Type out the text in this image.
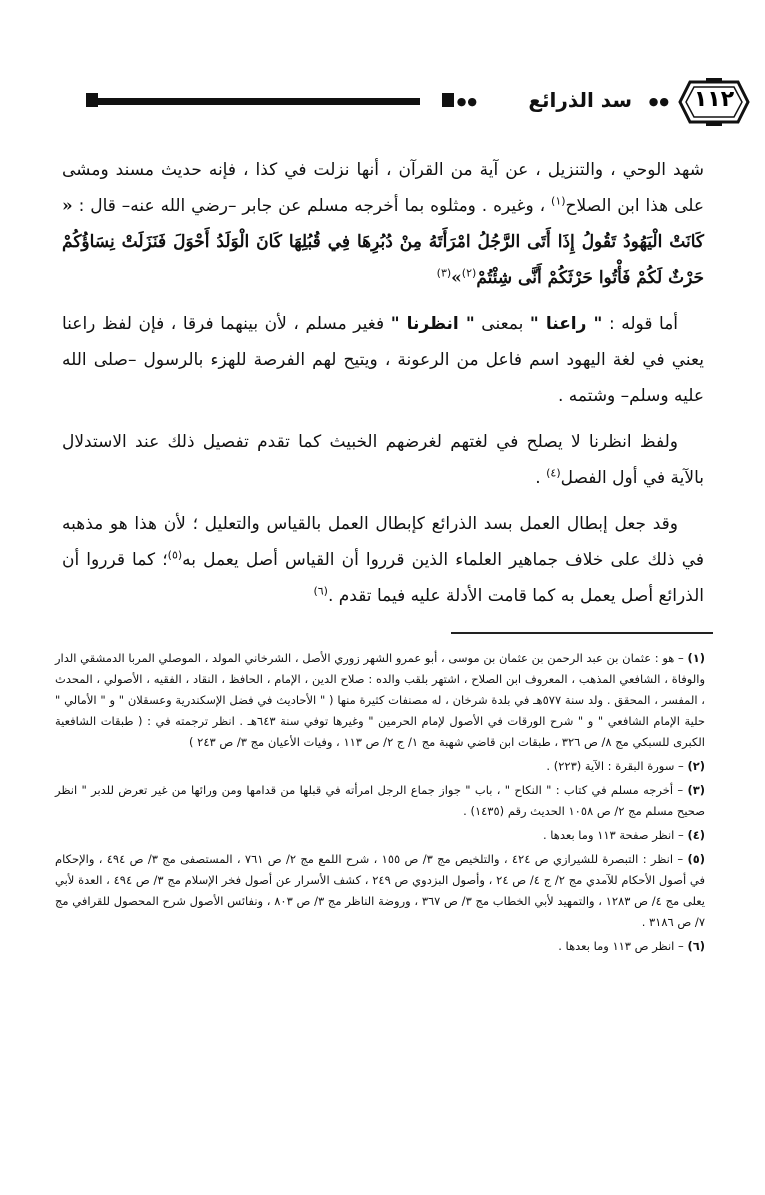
١١٢
●●
سد الذرائع
●●

شهد الوحي ، والتنزيل ، عن آية من القرآن ، أنها نزلت في كذا ، فإنه حديث مسند ومشى على هذا ابن الصلاح$^{(١)}$ ، وغيره . ومثلوه بما أخرجه مسلم عن جابر –رضي الله عنه– قال : « كَانَتْ الْيَهُودُ تَقُولُ إِذَا أَتَى الرَّجُلُ امْرَأَتَهُ مِنْ دُبُرِهَا فِي قُبُلِهَا كَانَ الْوَلَدُ أَحْوَلَ فَنَزَلَتْ نِسَاؤُكُمْ حَرْثٌ لَكُمْ فَأْتُوا حَرْثَكُمْ أَنَّى شِئْتُمْ$^{(٢)}$»$^{(٣)}$

أما قوله : " راعنا " بمعنى " انظرنا " فغير مسلم ، لأن بينهما فرقا ، فإن لفظ راعنا يعني في لغة اليهود اسم فاعل من الرعونة ، ويتيح لهم الفرصة للهزء بالرسول –صلى الله عليه وسلم– وشتمه .

ولفظ انظرنا لا يصلح في لغتهم لغرضهم الخبيث كما تقدم تفصيل ذلك عند الاستدلال بالآية في أول الفصل$^{(٤)}$ .

وقد جعل إبطال العمل بسد الذرائع كإبطال العمل بالقياس والتعليل ؛ لأن هذا هو مذهبه في ذلك على خلاف جماهير العلماء الذين قرروا أن القياس أصل يعمل به$^{(٥)}$؛ كما قرروا أن الذرائع أصل يعمل به كما قامت الأدلة عليه فيما تقدم .$^{(٦)}$

(١) – هو : عثمان بن عبد الرحمن بن عثمان بن موسى ، أبو عمرو الشهر زوري الأصل ، الشرخاني المولد ، الموصلي المربا الدمشقي الدار والوفاة ، الشافعي المذهب ، المعروف ابن الصلاح ، اشتهر بلقب والده : صلاح الدين ، الإمام ، الحافظ ، النقاد ، الفقيه ، الأصولي ، المحدث ، المفسر ، المحقق . ولد سنة ٥٧٧هـ في بلدة شرخان ، له مصنفات كثيرة منها ( " الأحاديث في فضل الإسكندرية وعسقلان " و " الأمالي " حلية الإمام الشافعي " و " شرح الورقات في الأصول لإمام الحرمين " وغيرها توفي سنة ٦٤٣هـ . انظر ترجمته في : ( طبقات الشافعية الكبرى للسبكي مج ٨/ ص ٣٢٦ ، طبقات ابن قاضي شهبة مج ١/ ج ٢/ ص ١١٣ ، وفيات الأعيان مج ٣/ ص ٢٤٣ )
(٢) – سورة البقرة : الآية (٢٢٣) .
(٣) – أخرجه مسلم في كتاب : " النكاح " ، باب " جواز جماع الرجل امرأته في قبلها من قدامها ومن ورائها من غير تعرض للدبر " انظر صحيح مسلم مج ٢/ ص ١٠٥٨ الحديث رقم (١٤٣٥) .
(٤) – انظر صفحة ١١٣ وما بعدها .
(٥) – انظر : التبصرة للشيرازي ص ٤٢٤ ، والتلخيص مج ٣/ ص ١٥٥ ، شرح اللمع مج ٢/ ص ٧٦١ ، المستصفى مج ٣/ ص ٤٩٤ ، والإحكام في أصول الأحكام للآمدي مج ٢/ ج ٤/ ص ٢٤ ، وأصول البزدوي ص ٢٤٩ ، كشف الأسرار عن أصول فخر الإسلام مج ٣/ ص ٤٩٤ ، العدة لأبي يعلى مج ٤/ ص ١٢٨٣ ، والتمهيد لأبي الخطاب مج ٣/ ص ٣٦٧ ، وروضة الناظر مج ٣/ ص ٨٠٣ ، ونفائس الأصول شرح المحصول للقرافي مج ٧/ ص ٣١٨٦ .
(٦) – انظر ص ١١٣ وما بعدها .
